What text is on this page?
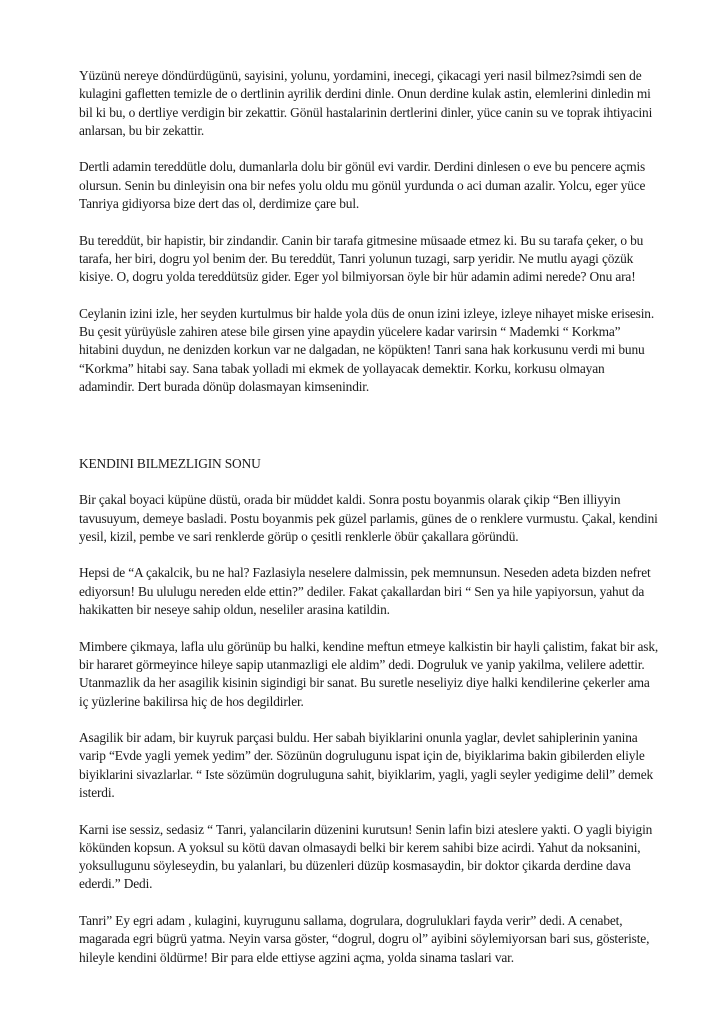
Yüzünü nereye döndürdügünü, sayisini, yolunu, yordamini, inecegi, çikacagi yeri nasil bilmez?simdi sen de kulagini gafletten temizle de o dertlinin ayrilik derdini dinle. Onun derdine kulak astin, elemlerini dinledin mi bil ki bu, o dertliye verdigin bir zekattir. Gönül hastalarinin dertlerini dinler, yüce canin su ve toprak ihtiyacini anlarsan, bu bir zekattir.

Dertli adamin tereddütle dolu, dumanlarla dolu bir gönül evi vardir. Derdini dinlesen o eve bu pencere açmis olursun. Senin bu dinleyisin ona bir nefes yolu oldu mu gönül yurdunda o aci duman azalir. Yolcu, eger yüce Tanriya gidiyorsa bize dert das ol, derdimize çare bul.

Bu tereddüt, bir hapistir, bir zindandir. Canin bir tarafa gitmesine müsaade etmez ki. Bu su tarafa çeker, o bu tarafa, her biri, dogru yol benim der. Bu tereddüt, Tanri yolunun tuzagi, sarp yeridir. Ne mutlu ayagi çözük kisiye. O, dogru yolda tereddütsüz gider. Eger yol bilmiyorsan öyle bir hür adamin adimi nerede? Onu ara!

Ceylanin izini izle, her seyden kurtulmus bir halde yola düs de onun izini izleye, izleye nihayet miske erisesin. Bu çesit yürüyüsle zahiren atese bile girsen yine apaydin yücelere kadar varirsin “ Mademki “ Korkma” hitabini duydun, ne denizden korkun var ne dalgadan, ne köpükten! Tanri sana hak korkusunu verdi mi bunu “Korkma” hitabi say. Sana tabak yolladi mi ekmek de yollayacak demektir. Korku, korkusu olmayan adamindir. Dert burada dönüp dolasmayan kimsenindir.

KENDINI BILMEZLIGIN SONU

Bir çakal boyaci küpüne düstü, orada bir müddet kaldi. Sonra postu boyanmis olarak çikip “Ben illiyyin tavusuyum, demeye basladi. Postu boyanmis pek güzel parlamis, günes de o renklere vurmustu. Çakal, kendini yesil, kizil, pembe ve sari renklerde görüp o çesitli renklerle öbür çakallara göründü.

Hepsi de “A çakalcik, bu ne hal? Fazlasiyla neselere dalmissin, pek memnunsun. Neseden adeta bizden nefret ediyorsun! Bu ululugu nereden elde ettin?” dediler. Fakat çakallardan biri “ Sen ya hile yapiyorsun, yahut da hakikatten bir neseye sahip oldun, neseliler arasina katildin.

Mimbere çikmaya, lafla ulu görünüp bu halki, kendine meftun etmeye kalkistin bir hayli çalistim, fakat bir ask, bir hararet görmeyince hileye sapip utanmazligi ele aldim” dedi. Dogruluk ve yanip yakilma, velilere adettir. Utanmazlik da her asagilik kisinin sigindigi bir sanat. Bu suretle neseliyiz diye halki kendilerine çekerler ama iç yüzlerine bakilirsa hiç de hos degildirler.

Asagilik bir adam, bir kuyruk parçasi buldu. Her sabah biyiklarini onunla yaglar, devlet sahiplerinin yanina varip “Evde yagli yemek yedim” der. Sözünün dogrulugunu ispat için de, biyiklarima bakin gibilerden eliyle biyiklarini sivazlarlar. “ Iste sözümün dogruluguna sahit, biyiklarim, yagli, yagli seyler yedigime delil” demek isterdi.

Karni ise sessiz, sedasiz “ Tanri, yalancilarin düzenini kurutsun! Senin lafin bizi ateslere yakti. O yagli biyigin kökünden kopsun. A yoksul su kötü davan olmasaydi belki bir kerem sahibi bize acirdi. Yahut da noksanini, yoksullugunu söyleseydin, bu yalanlari, bu düzenleri düzüp kosmasaydin, bir doktor çikarda derdine dava ederdi.” Dedi.

Tanri” Ey egri adam , kulagini, kuyrugunu sallama, dogrulara, dogruluklari fayda verir” dedi. A cenabet, magarada egri bügrü yatma. Neyin varsa göster, “dogrul, dogru ol” ayibini söylemiyorsan bari sus, gösteriste, hileyle kendini öldürme! Bir para elde ettiyse agzini açma, yolda sinama taslari var.
